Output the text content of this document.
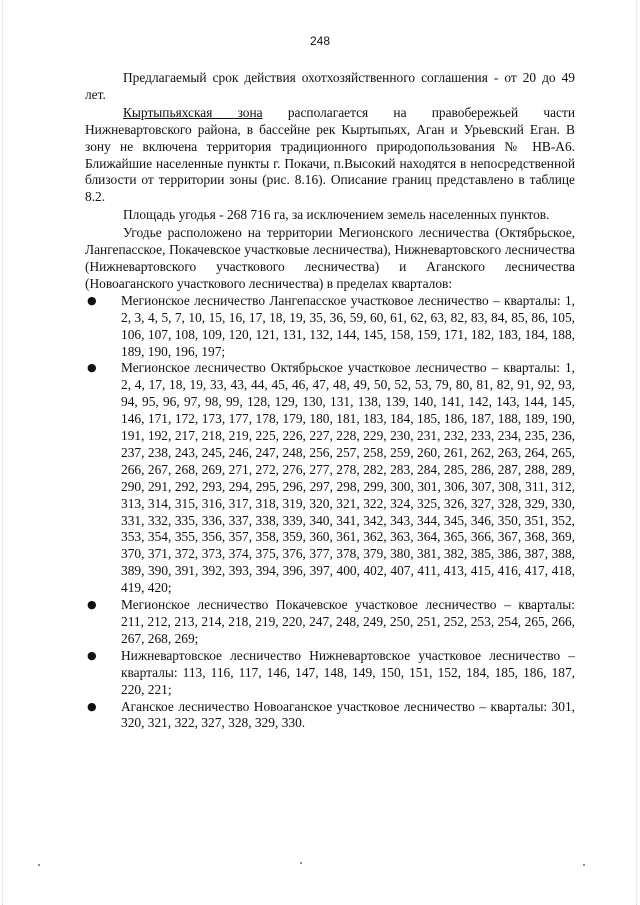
248

Предлагаемый срок действия охотхозяйственного соглашения - от 20 до 49 лет.

Кыртыпьяхская зона располагается на правобережьей части Нижневартовского района, в бассейне рек Кыртыпьях, Аган и Урьевский Еган. В зону не включена территория традиционного природопользования № НВ-А6. Ближайшие населенные пункты г. Покачи, п.Высокий находятся в непосредственной близости от территории зоны (рис. 8.16). Описание границ представлено в таблице 8.2.

Площадь угодья - 268 716 га, за исключением земель населенных пунктов.

Угодье расположено на территории Мегионского лесничества (Октябрьское, Лангепасское, Покачевское участковые лесничества), Нижневартовского лесничества (Нижневартовского участкового лесничества) и Аганского лесничества (Новоаганского участкового лесничества) в пределах кварталов:

● Мегионское лесничество Лангепасское участковое лесничество – кварталы: 1, 2, 3, 4, 5, 7, 10, 15, 16, 17, 18, 19, 35, 36, 59, 60, 61, 62, 63, 82, 83, 84, 85, 86, 105, 106, 107, 108, 109, 120, 121, 131, 132, 144, 145, 158, 159, 171, 182, 183, 184, 188, 189, 190, 196, 197;
● Мегионское лесничество Октябрьское участковое лесничество – кварталы: 1, 2, 4, 17, 18, 19, 33, 43, 44, 45, 46, 47, 48, 49, 50, 52, 53, 79, 80, 81, 82, 91, 92, 93, 94, 95, 96, 97, 98, 99, 128, 129, 130, 131, 138, 139, 140, 141, 142, 143, 144, 145, 146, 171, 172, 173, 177, 178, 179, 180, 181, 183, 184, 185, 186, 187, 188, 189, 190, 191, 192, 217, 218, 219, 225, 226, 227, 228, 229, 230, 231, 232, 233, 234, 235, 236, 237, 238, 243, 245, 246, 247, 248, 256, 257, 258, 259, 260, 261, 262, 263, 264, 265, 266, 267, 268, 269, 271, 272, 276, 277, 278, 282, 283, 284, 285, 286, 287, 288, 289, 290, 291, 292, 293, 294, 295, 296, 297, 298, 299, 300, 301, 306, 307, 308, 311, 312, 313, 314, 315, 316, 317, 318, 319, 320, 321, 322, 324, 325, 326, 327, 328, 329, 330, 331, 332, 335, 336, 337, 338, 339, 340, 341, 342, 343, 344, 345, 346, 350, 351, 352, 353, 354, 355, 356, 357, 358, 359, 360, 361, 362, 363, 364, 365, 366, 367, 368, 369, 370, 371, 372, 373, 374, 375, 376, 377, 378, 379, 380, 381, 382, 385, 386, 387, 388, 389, 390, 391, 392, 393, 394, 396, 397, 400, 402, 407, 411, 413, 415, 416, 417, 418, 419, 420;
● Мегионское лесничество Покачевское участковое лесничество – кварталы: 211, 212, 213, 214, 218, 219, 220, 247, 248, 249, 250, 251, 252, 253, 254, 265, 266, 267, 268, 269;
● Нижневартовское лесничество Нижневартовское участковое лесничество – кварталы: 113, 116, 117, 146, 147, 148, 149, 150, 151, 152, 184, 185, 186, 187, 220, 221;
● Аганское лесничество Новоаганское участковое лесничество – кварталы: 301, 320, 321, 322, 327, 328, 329, 330.
